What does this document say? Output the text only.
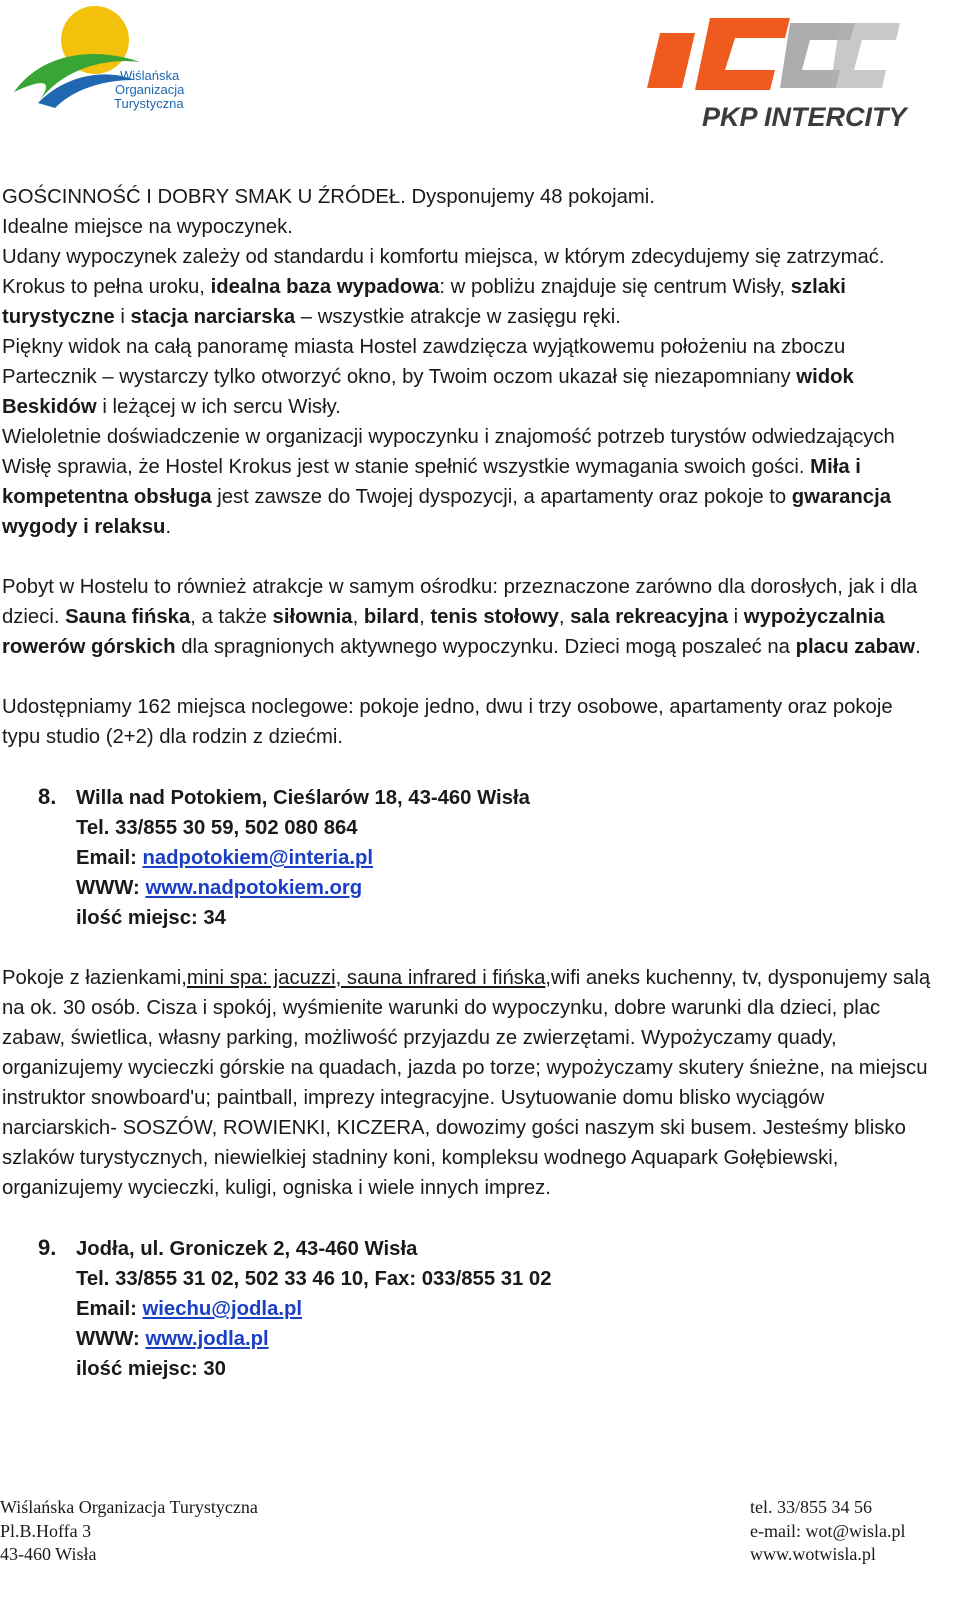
Wiślańska
Organizacja
Turystyczna	PKP INTERCITY

GOŚCINNOŚĆ I DOBRY SMAK U ŹRÓDEŁ. Dysponujemy 48 pokojami.
Idealne miejsce na wypoczynek.
Udany wypoczynek zależy od standardu i komfortu miejsca, w którym zdecydujemy się zatrzymać. Krokus to pełna uroku, idealna baza wypadowa: w pobliżu znajduje się centrum Wisły, szlaki turystyczne i stacja narciarska – wszystkie atrakcje w zasięgu ręki.
Piękny widok na całą panoramę miasta Hostel zawdzięcza wyjątkowemu położeniu na zboczu Partecznik – wystarczy tylko otworzyć okno, by Twoim oczom ukazał się niezapomniany widok Beskidów i leżącej w ich sercu Wisły.
Wieloletnie doświadczenie w organizacji wypoczynku i znajomość potrzeb turystów odwiedzających Wisłę sprawia, że Hostel Krokus jest w stanie spełnić wszystkie wymagania swoich gości. Miła i kompetentna obsługa jest zawsze do Twojej dyspozycji, a apartamenty oraz pokoje to gwarancja wygody i relaksu.

Pobyt w Hostelu to również atrakcje w samym ośrodku: przeznaczone zarówno dla dorosłych, jak i dla dzieci. Sauna fińska, a także siłownia, bilard, tenis stołowy, sala rekreacyjna i wypożyczalnia rowerów górskich dla spragnionych aktywnego wypoczynku. Dzieci mogą poszaleć na placu zabaw.

Udostępniamy 162 miejsca noclegowe: pokoje jedno, dwu i trzy osobowe, apartamenty oraz pokoje typu studio (2+2) dla rodzin z dziećmi.

8. Willa nad Potokiem, Cieślarów 18, 43-460 Wisła
Tel. 33/855 30 59, 502 080 864
Email: nadpotokiem@interia.pl
WWW: www.nadpotokiem.org
ilość miejsc: 34

Pokoje z łazienkami,mini spa: jacuzzi, sauna infrared i fińska,wifi aneks kuchenny, tv, dysponujemy salą na ok. 30 osób. Cisza i spokój, wyśmienite warunki do wypoczynku, dobre warunki dla dzieci, plac zabaw, świetlica, własny parking, możliwość przyjazdu ze zwierzętami. Wypożyczamy quady, organizujemy wycieczki górskie na quadach, jazda po torze; wypożyczamy skutery śnieżne, na miejscu instruktor snowboard'u; paintball, imprezy integracyjne. Usytuowanie domu blisko wyciągów narciarskich- SOSZÓW, ROWIENKI, KICZERA, dowozimy gości naszym ski busem. Jesteśmy blisko szlaków turystycznych, niewielkiej stadniny koni, kompleksu wodnego Aquapark Gołębiewski, organizujemy wycieczki, kuligi, ogniska i wiele innych imprez.

9. Jodła, ul. Groniczek 2, 43-460 Wisła
Tel. 33/855 31 02, 502 33 46 10, Fax: 033/855 31 02
Email: wiechu@jodla.pl
WWW: www.jodla.pl
ilość miejsc: 30
Wiślańska Organizacja Turystyczna
Pl.B.Hoffa 3
43-460 Wisła
tel. 33/855 34 56
e-mail: wot@wisla.pl
www.wotwisla.pl
